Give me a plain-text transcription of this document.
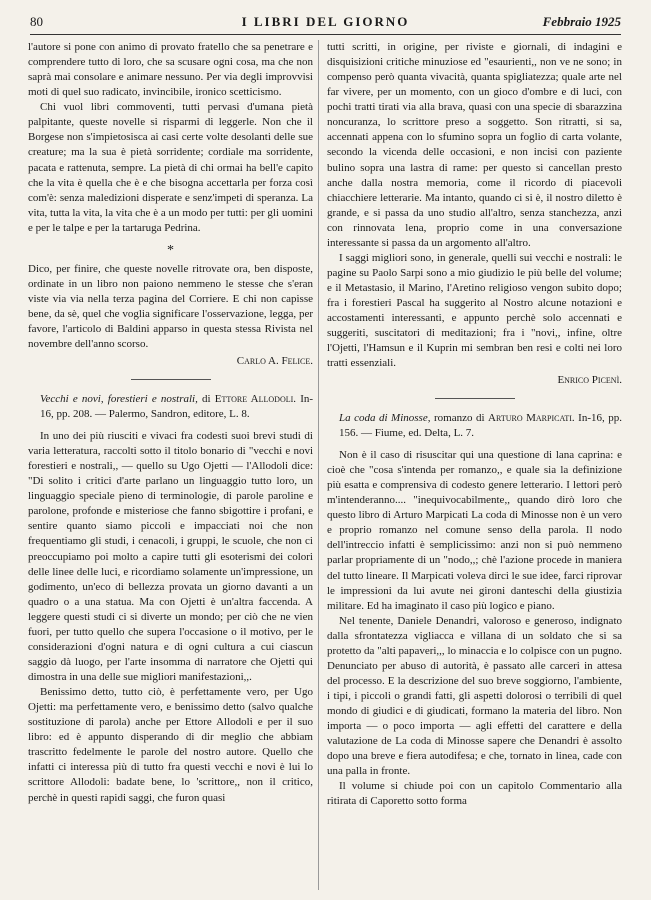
80	I LIBRI DEL GIORNO	Febbraio 1925

l'autore si pone con animo di provato fratello che sa penetrare e comprendere tutto di loro, che sa scusare ogni cosa, ma che non saprà mai consolare e animare nessuno. Per via degli improvvisi moti di quel suo radicato, invincibile, ironico scetticismo.

Chi vuol libri commoventi, tutti pervasi d'umana pietà palpitante, queste novelle si risparmi di leggerle. Non che il Borgese non s'impietosisca ai casi certe volte desolanti delle sue creature; ma la sua è pietà sorridente; cordiale ma sorridente, pacata e rattenuta, sempre. La pietà di chi ormai ha bell'e capito che la vita è quella che è e che bisogna accettarla per forza così com'è: senza maledizioni disperate e senz'impeti di speranza. La vita, tutta la vita, la vita che è a un modo per tutti: per gli uomini e per le talpe e per la tartaruga Pedrina.

*

Dico, per finire, che queste novelle ritrovate ora, ben disposte, ordinate in un libro non paiono nemmeno le stesse che s'eran viste via via nella terza pagina del Corriere. E chi non capisse bene, da sè, quel che voglia significare l'osservazione, legga, per favore, l'articolo di Baldini apparso in questa stessa Rivista nel novembre dell'anno scorso.

Carlo A. Felice.

Vecchi e novi, forestieri e nostrali, di Ettore Allodoli. In-16, pp. 208. — Palermo, Sandron, editore, L. 8.

In uno dei più riusciti e vivaci fra codesti suoi brevi studi di varia letteratura, raccolti sotto il titolo bonario di "vecchi e novi forestieri e nostrali,, — quello su Ugo Ojetti — l'Allodoli dice: "Di solito i critici d'arte parlano un linguaggio tutto loro, un linguaggio speciale pieno di terminologie, di parole paroline e parolone, profonde e misteriose che fanno sbigottire i profani, e sentire quanto siamo piccoli e impacciati noi che non frequentiamo gli studi, i cenacoli, i gruppi, le scuole, che non ci preoccupiamo poi molto a capire tutti gli esoterismi dei colori delle linee delle luci, e ricordiamo solamente un'impressione, un godimento, un'eco di bellezza provata un giorno davanti a un quadro o a una statua. Ma con Ojetti è un'altra faccenda. A leggere questi studi ci si diverte un mondo; per ciò che ne vien fuori, per tutto quello che supera l'occasione o il motivo, per le considerazioni d'ogni natura e di ogni cultura a cui ciascun saggio dà luogo, per l'arte insomma di narratore che Ojetti qui dimostra in una delle sue migliori manifestazioni,,.

Benissimo detto, tutto ciò, è perfettamente vero, per Ugo Ojetti: ma perfettamente vero, e benissimo detto (salvo qualche sostituzione di parola) anche per Ettore Allodoli e per il suo libro: ed è appunto disperando di dir meglio che abbiam trascritto fedelmente le parole del nostro autore. Quello che infatti ci interessa più di tutto fra questi vecchi e novi è lui lo scrittore Allodoli: badate bene, lo 'scrittore,, non il critico, perchè in questi rapidi saggi, che furon quasi

tutti scritti, in origine, per riviste e giornali, di indagini e disquisizioni critiche minuziose ed "esaurienti,, non ve ne sono; in compenso però quanta vivacità, quanta spigliatezza; quale arte nel far vivere, per un momento, con un gioco d'ombre e di luci, con pochi tratti tirati via alla brava, quasi con una specie di sbarazzina noncuranza, lo scrittore preso a soggetto. Son ritratti, si sa, accennati appena con lo sfumino sopra un foglio di carta volante, secondo la vicenda delle occasioni, e non incisi con paziente bulino sopra una lastra di rame: per questo si cancellan presto anche dalla nostra memoria, come il ricordo di piacevoli chiacchiere letterarie. Ma intanto, quando ci si è, il nostro diletto è grande, e si passa da uno studio all'altro, senza stanchezza, anzi con rinnovata lena, proprio come in una conversazione interessante si passa da un argomento all'altro.

I saggi migliori sono, in generale, quelli sui vecchi e nostrali: le pagine su Paolo Sarpi sono a mio giudizio le più belle del volume; e il Metastasio, il Marino, l'Aretino religioso vengon subito dopo; fra i forestieri Pascal ha suggerito al Nostro alcune notazioni e accostamenti interessanti, e appunto perchè solo accennati e suggeriti, suscitatori di meditazioni; fra i "novi,, infine, oltre l'Ojetti, l'Hamsun e il Kuprin mi sembran ben resi e colti nei loro tratti essenziali.

Enrico Picenì.

La coda di Minosse, romanzo di Arturo Marpicati. In-16, pp. 156. — Fiume, ed. Delta, L. 7.

Non è il caso di risuscitar qui una questione di lana caprina: e cioè che "cosa s'intenda per romanzo,, e quale sia la definizione più esatta e comprensiva di codesto genere letterario. I lettori però m'intenderanno.... "inequivocabilmente,, quando dirò loro che questo libro di Arturo Marpicati La coda di Minosse non è un vero e proprio romanzo nel comune senso della parola. Il nodo dell'intreccio infatti è semplicissimo: anzi non si può nemmeno parlar propriamente di un "nodo,,; chè l'azione procede in maniera del tutto lineare. Il Marpicati voleva dirci le sue idee, farci riprovar le impressioni da lui avute nei gironi danteschi della giustizia militare. Ed ha imaginato il caso più logico e piano.

Nel tenente, Daniele Denandri, valoroso e generoso, indignato dalla sfrontatezza vigliacca e villana di un soldato che si sa protetto da "alti papaveri,,, lo minaccia e lo colpisce con un pugno. Denunciato per abuso di autorità, è passato alle carceri in attesa del processo. E la descrizione del suo breve soggiorno, l'ambiente, i tipi, i piccoli o grandi fatti, gli aspetti dolorosi o terribili di quel mondo di giudici e di giudicati, formano la materia del libro. Non importa — o poco importa — agli effetti del carattere e della valutazione de La coda di Minosse sapere che Denandri è assolto dopo una breve e fiera autodifesa; e che, tornato in linea, cade con una palla in fronte.

Il volume si chiude poi con un capitolo Commentario alla ritirata di Caporetto sotto forma
